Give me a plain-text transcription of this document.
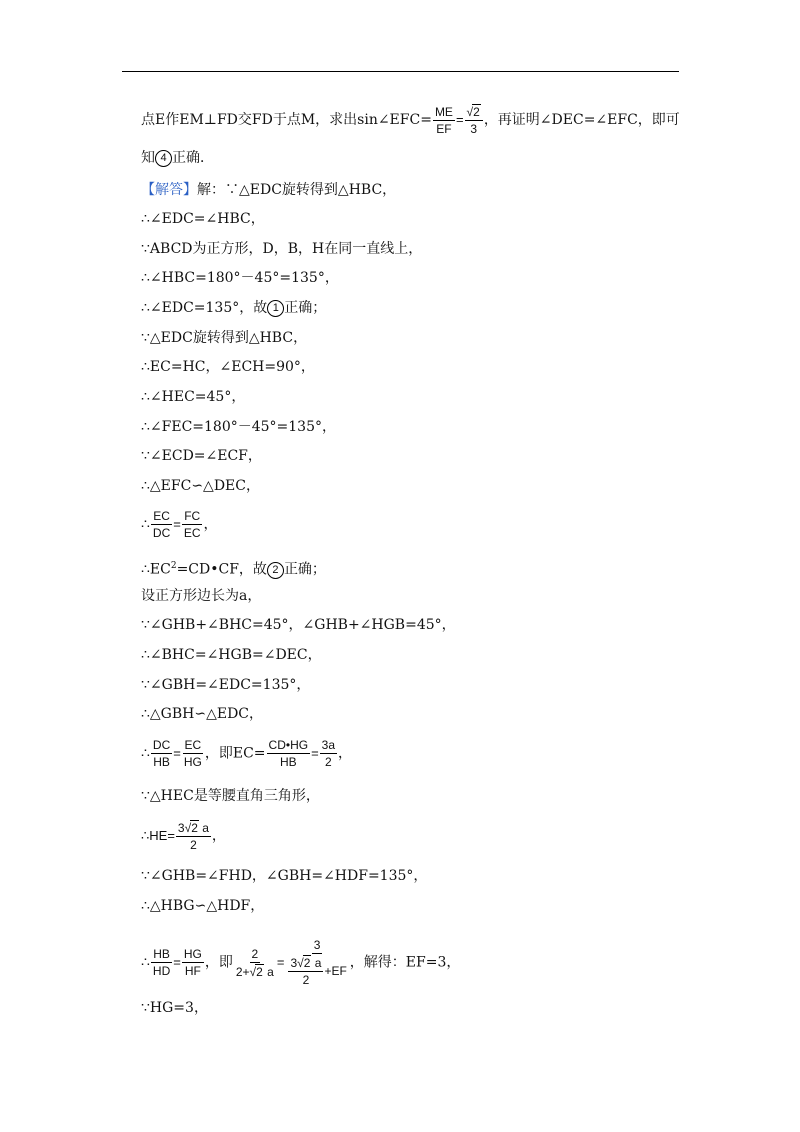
点E作EM⊥FD交FD于点M，求出sin∠EFC= $\frac{ME}{EF} = \frac{√2}{3}$ ，再证明∠DEC=∠EFC，即可
知 4 正确．
【解答】解：∵△EDC旋转得到△HBC，
∴∠EDC=∠HBC，
∵ABCD为正方形，D，B，H在同一直线上，
∴∠HBC=180°－45°=135°，
∴∠EDC=135°，故 1 正确；
∵△EDC旋转得到△HBC，
∴EC=HC，∠ECH=90°，
∴∠HEC=45°，
∴∠FEC=180°－45°=135°，
∵∠ECD=∠ECF，
∴△EFC∽△DEC，
∴ $\frac{EC}{DC} = \frac{FC}{EC}$ ，
$\therefore EC^2=CD•CF$，故 2 正确；
设正方形边长为a，
∵∠GHB+∠BHC=45°，∠GHB+∠HGB=45°，
∴∠BHC=∠HGB=∠DEC，
∵∠GBH=∠EDC=135°，
∴△GBH∽△EDC，
∴ $\frac{DC}{HB} = \frac{EC}{HG}$ ，即$EC= \frac{CD•HG}{HB} = \frac{3a}{2}$ ，
∵△HEC是等腰直角三角形，
∴HE= $\frac{3√2 a}{2}$ ，
∵∠GHB=∠FHD，∠GBH=∠HDF=135°，
∴△HBG∽△HDF，
∴ $\frac{HB}{HD} = \frac{HG}{HF}$ ，即 $\frac{2}{2+√2 a} = \frac{3}{\frac{3√2 a}{2} +EF}$ ，解得：EF=3，
∵HG=3，
